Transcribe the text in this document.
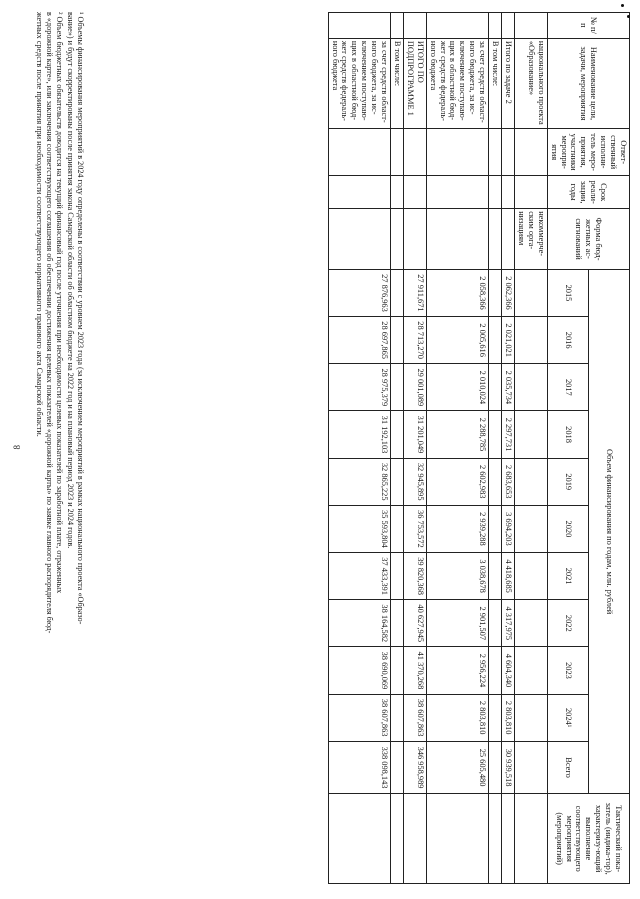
8
№ п/п	Наименование цели, задачи, мероприятия	Ответ-ственный исполни-тель меро-приятия, участники меропри-ятия	Срок реали-зации, годы	Форма бюд-жетных ас-сигнований	Объем финансирования по годам, млн. рублей											Тактический пока-затель (индика-тор), характеризу-ющий выполнение соответствующего мероприятия (мероприятий)
					2015	2016	2017	2018	2019	2020	2021	2022	2023	2024¹	Всего	
	национального проекта «Образование»			некоммерче-ским орга-низациям												
	Итого по задаче 2				2 062,366	2 021,021	2 035,734	2 297,731	2 683,653	3 694,203	4 418,685	4 317,975	4 604,340	2 803,810	30 939,518	
	В том числе:															
	за счет средств област-ного бюджета, за ис-ключением поступаю-щих в областной бюд-жет средств федераль-ного бюджета				2 058,366	2 005,616	2 010,024	2 288,785	2 602,983	2 939,288	3 038,678	2 901,507	2 956,224	2 803,810	25 605,480	
	ИТОГО ПО ПОДПРОГРАММЕ 1				27 911,671	28 713,270	29 001,089	31 201,049	32 945,895	36 753,572	39 820,368	40 627,945	41 370,268	38 607,863	346 958,989	
	В том числе:															
	за счет средств област-ного бюджета, за ис-ключением поступаю-щих в областной бюд-жет средств федераль-ного бюджета				27 876,963	28 697,865	28 975,379	31 192,103	32 865,225	35 593,804	37 433,391	38 164,582	38 690,069	38 607,863	338 098,143	

¹ Объемы финансирования мероприятий в 2024 году определены в соответствии с уровнем 2023 года (за исключением мероприятий в рамках национального проекта «Образо-

вание») и будут скорректированы после принятия закона Самарской области об областном бюджете на 2022 год и на плановый период 2023 и 2024 годов.

² Объем бюджетных обязательств доводится на текущий финансовый год после уточнения при необходимости целевых показателей по заработной плате, отраженных

в «дорожной карте», или заключения соответствующего соглашения об обеспечении достижения целевых показателей «дорожной карты» по заявке главного распорядителя бюд-

жетных средств после принятия при необходимости соответствующего нормативного правового акта Самарской области.
